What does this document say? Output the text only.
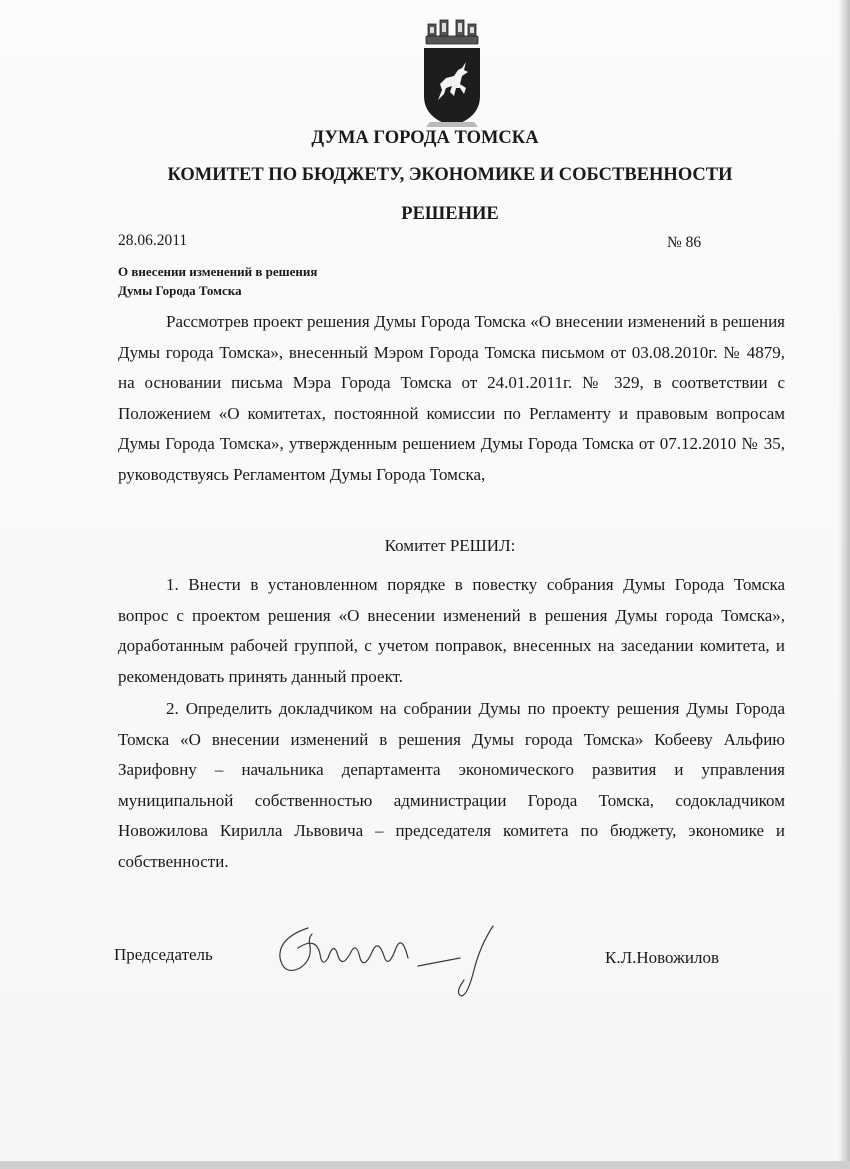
ДУМА ГОРОДА ТОМСКА
КОМИТЕТ ПО БЮДЖЕТУ, ЭКОНОМИКЕ И СОБСТВЕННОСТИ
РЕШЕНИЕ
28.06.2011	№ 86
О внесении изменений в решения
Думы Города Томска

Рассмотрев проект решения Думы Города Томска «О внесении изменений в решения Думы города Томска», внесенный Мэром Города Томска письмом от 03.08.2010г. № 4879, на основании письма Мэра Города Томска от 24.01.2011г. № 329, в соответствии с Положением «О комитетах, постоянной комиссии по Регламенту и правовым вопросам Думы Города Томска», утвержденным решением Думы Города Томска от 07.12.2010 № 35, руководствуясь Регламентом Думы Города Томска,

Комитет РЕШИЛ:

1. Внести в установленном порядке в повестку собрания Думы Города Томска вопрос с проектом решения «О внесении изменений в решения Думы города Томска», доработанным рабочей группой, с учетом поправок, внесенных на заседании комитета, и рекомендовать принять данный проект.

2. Определить докладчиком на собрании Думы по проекту решения Думы Города Томска «О внесении изменений в решения Думы города Томска» Кобееву Альфию Зарифовну – начальника департамента экономического развития и управления муниципальной собственностью администрации Города Томска, содокладчиком Новожилова Кирилла Львовича – председателя комитета по бюджету, экономике и собственности.

Председатель	К.Л.Новожилов
